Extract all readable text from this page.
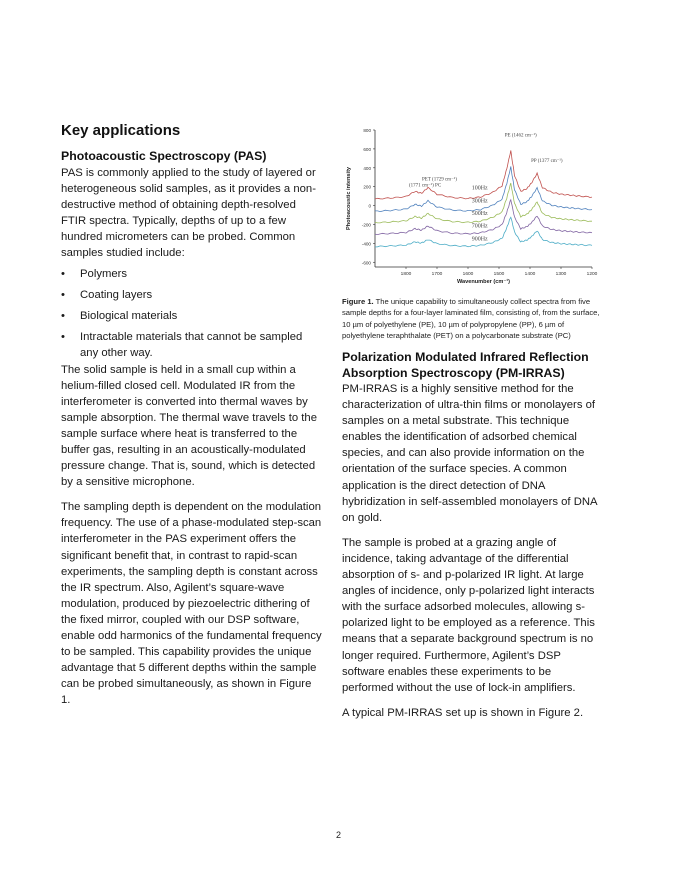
Key applications
Photoacoustic Spectroscopy (PAS)

PAS is commonly applied to the study of layered or heterogeneous solid samples, as it provides a non-destructive method of obtaining depth-resolved FTIR spectra. Typically, depths of up to a few hundred micrometers can be probed. Common samples studied include:

• Polymers
• Coating layers
• Biological materials
• Intractable materials that cannot be sampled any other way.

The solid sample is held in a small cup within a helium-filled closed cell. Modulated IR from the interferometer is converted into thermal waves by sample absorption. The thermal wave travels to the sample surface where heat is transferred to the buffer gas, resulting in an acoustically-modulated pressure change. That is, sound, which is detected by a sensitive microphone.

The sampling depth is dependent on the modulation frequency. The use of a phase-modulated step-scan interferometer in the PAS experiment offers the significant benefit that, in contrast to rapid-scan experiments, the sampling depth is constant across the IR spectrum. Also, Agilent’s square-wave modulation, produced by piezoelectric dithering of the fixed mirror, coupled with our DSP software, enable odd harmonics of the fundamental frequency to be sampled. This capability provides the unique advantage that 5 different depths within the sample can be probed simultaneously, as shown in Figure 1.

800
600
400
200
0
-200
-400
-600
1800	1700	1600	1500	1400	1300	1200
Wavenumber (cm⁻¹)
Photoacoustic intensity	100Hz
300Hz
500Hz
700Hz
900Hz
PE (1462 cm⁻¹)
PP (1377 cm⁻¹)
PET (1729 cm⁻¹)
(1771 cm⁻¹) PC
Figure 1. The unique capability to simultaneously collect spectra from five sample depths for a four-layer laminated film, consisting of, from the surface, 10 µm of polyethylene (PE), 10 µm of polypropylene (PP), 6 µm of polyethylene teraphthalate (PET) on a polycarbonate substrate (PC)
Polarization Modulated Infrared Reflection Absorption Spectroscopy (PM-IRRAS)

PM-IRRAS is a highly sensitive method for the characterization of ultra-thin films or monolayers of samples on a metal substrate. This technique enables the identification of adsorbed chemical species, and can also provide information on the orientation of the surface species. A common application is the direct detection of DNA hybridization in self-assembled monolayers of DNA on gold.

The sample is probed at a grazing angle of incidence, taking advantage of the differential absorption of s- and p-polarized IR light. At large angles of incidence, only p-polarized light interacts with the surface adsorbed molecules, allowing s-polarized light to be employed as a reference. This means that a separate background spectrum is no longer required. Furthermore, Agilent’s DSP software enables these experiments to be performed without the use of lock-in amplifiers.

A typical PM-IRRAS set up is shown in Figure 2.

2
